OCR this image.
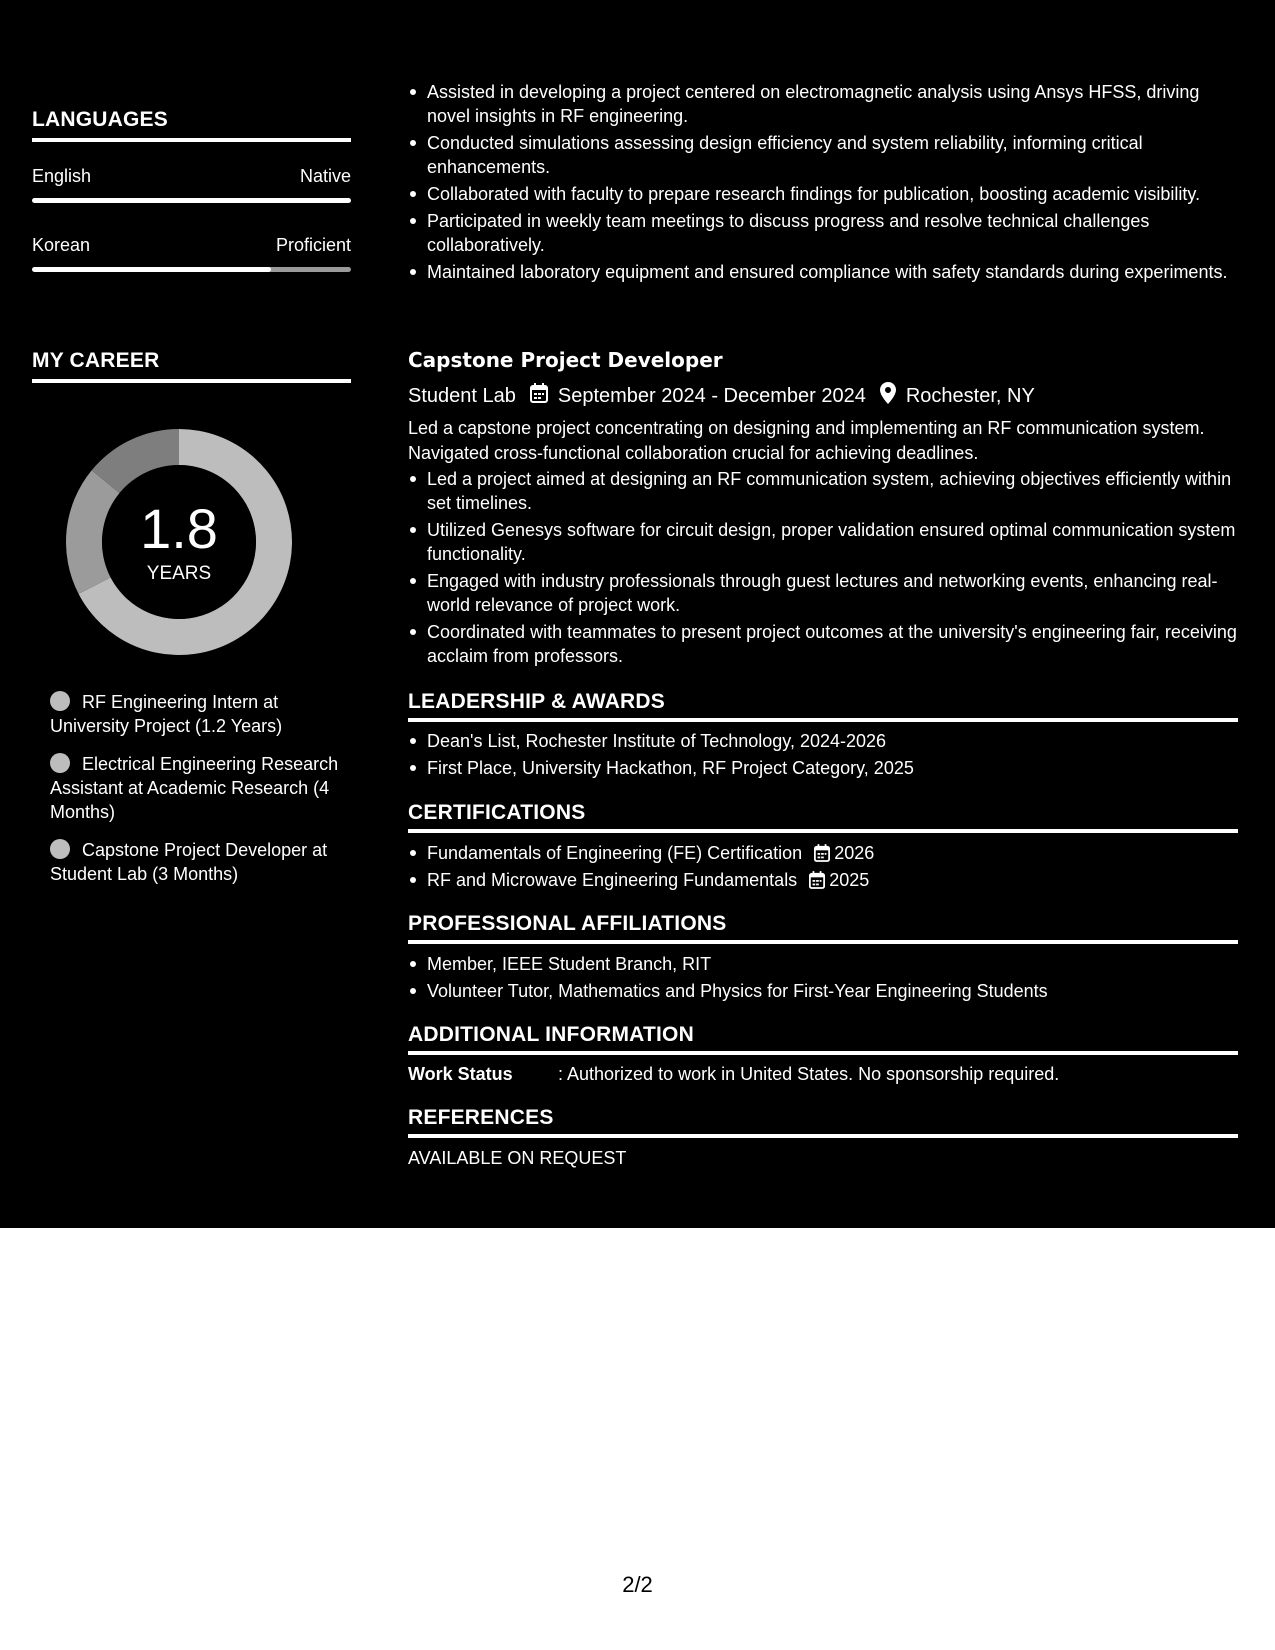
LANGUAGES
English	Native
Korean	Proficient
MY CAREER
1.8
YEARS
RF Engineering Intern at University Project (1.2 Years)
Electrical Engineering Research Assistant at Academic Research (4 Months)
Capstone Project Developer at Student Lab (3 Months)
Assisted in developing a project centered on electromagnetic analysis using Ansys HFSS, driving novel insights in RF engineering.
Conducted simulations assessing design efficiency and system reliability, informing critical enhancements.
Collaborated with faculty to prepare research findings for publication, boosting academic visibility.
Participated in weekly team meetings to discuss progress and resolve technical challenges collaboratively.
Maintained laboratory equipment and ensured compliance with safety standards during experiments.
Capstone Project Developer
Student Lab September 2024 - December 2024 Rochester, NY
Led a capstone project concentrating on designing and implementing an RF communication system. Navigated cross-functional collaboration crucial for achieving deadlines.
Led a project aimed at designing an RF communication system, achieving objectives efficiently within set timelines.
Utilized Genesys software for circuit design, proper validation ensured optimal communication system functionality.
Engaged with industry professionals through guest lectures and networking events, enhancing real-world relevance of project work.
Coordinated with teammates to present project outcomes at the university's engineering fair, receiving acclaim from professors.
LEADERSHIP & AWARDS
Dean's List, Rochester Institute of Technology, 2024-2026
First Place, University Hackathon, RF Project Category, 2025
CERTIFICATIONS
Fundamentals of Engineering (FE) Certification 2026
RF and Microwave Engineering Fundamentals 2025
PROFESSIONAL AFFILIATIONS
Member, IEEE Student Branch, RIT
Volunteer Tutor, Mathematics and Physics for First-Year Engineering Students
ADDITIONAL INFORMATION
Work Status	: Authorized to work in United States. No sponsorship required.
REFERENCES
AVAILABLE ON REQUEST
2/2
